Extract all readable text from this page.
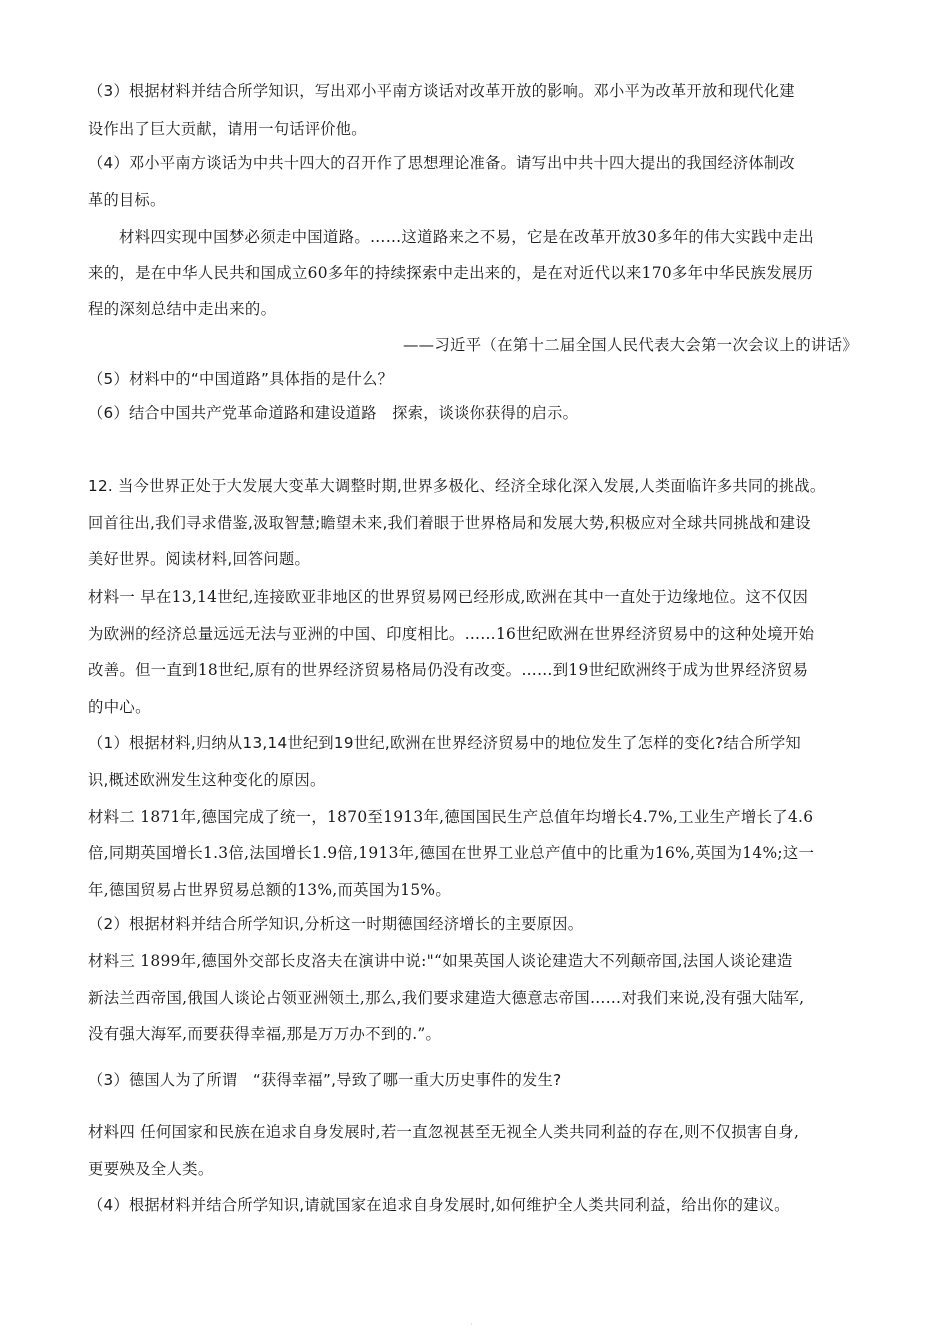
（3）根据材料并结合所学知识，写出邓小平南方谈话对改革开放的影响。邓小平为改革开放和现代化建
设作出了巨大贡献，请用一句话评价他。
（4）邓小平南方谈话为中共十四大的召开作了思想理论准备。请写出中共十四大提出的我国经济体制改
革的目标。
材料四实现中国梦必须走中国道路。……这道路来之不易，它是在改革开放30多年的伟大实践中走出
来的，是在中华人民共和国成立60多年的持续探索中走出来的，是在对近代以来170多年中华民族发展历
程的深刻总结中走出来的。
——习近平（在第十二届全国人民代表大会第一次会议上的讲话》
（5）材料中的“中国道路”具体指的是什么？
（6）结合中国共产党革命道路和建设道路　探索，谈谈你获得的启示。
12. 当今世界正处于大发展大变革大调整时期,世界多极化、经济全球化深入发展,人类面临许多共同的挑战。
回首往出,我们寻求借鉴,汲取智慧;瞻望未来,我们着眼于世界格局和发展大势,积极应对全球共同挑战和建设
美好世界。阅读材料,回答问题。
材料一 早在13,14世纪,连接欧亚非地区的世界贸易网已经形成,欧洲在其中一直处于边缘地位。这不仅因
为欧洲的经济总量远远无法与亚洲的中国、印度相比。……16世纪欧洲在世界经济贸易中的这种处境开始
改善。但一直到18世纪,原有的世界经济贸易格局仍没有改变。……到19世纪欧洲终于成为世界经济贸易
的中心。
（1）根据材料,归纳从13,14世纪到19世纪,欧洲在世界经济贸易中的地位发生了怎样的变化?结合所学知
识,概述欧洲发生这种变化的原因。
材料二 1871年,德国完成了统一，1870至1913年,德国国民生产总值年均增长4.7%,工业生产增长了4.6
倍,同期英国增长1.3倍,法国增长1.9倍,1913年,德国在世界工业总产值中的比重为16%,英国为14%;这一
年,德国贸易占世界贸易总额的13%,而英国为15%。
（2）根据材料并结合所学知识,分析这一时期德国经济增长的主要原因。
材料三 1899年,德国外交部长皮洛夫在演讲中说:"“如果英国人谈论建造大不列颠帝国,法国人谈论建造
新法兰西帝国,俄国人谈论占领亚洲领土,那么,我们要求建造大德意志帝国……对我们来说,没有强大陆军,
没有强大海军,而要获得幸福,那是万万办不到的.”。
（3）德国人为了所谓　“获得幸福”,导致了哪一重大历史事件的发生?
材料四 任何国家和民族在追求自身发展时,若一直忽视甚至无视全人类共同利益的存在,则不仅损害自身,
更要殃及全人类。
（4）根据材料并结合所学知识,请就国家在追求自身发展时,如何维护全人类共同利益，给出你的建议。
·
